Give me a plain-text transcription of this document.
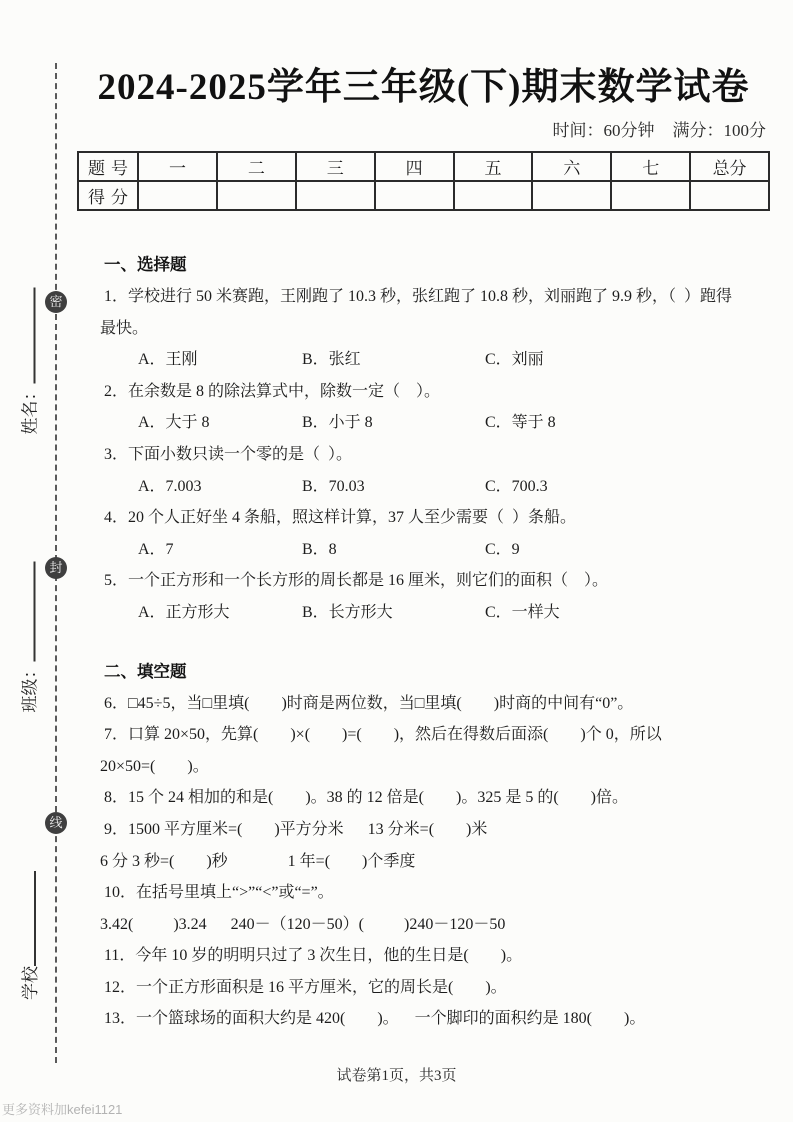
密
封
线
姓名：
班级：
学校
2024-2025学年三年级(下)期末数学试卷
时间：60分钟 满分：100分
题号	一	二	三	四	五	六	七	总分
得分								
一、选择题
1．学校进行 50 米赛跑，王刚跑了 10.3 秒，张红跑了 10.8 秒，刘丽跑了 9.9 秒，（  ）跑得
最快。
A．王刚	B．张红	C．刘丽
2．在余数是 8 的除法算式中，除数一定（    ）。
A．大于 8	B．小于 8	C．等于 8
3．下面小数只读一个零的是（  ）。
A．7.003	B．70.03	C．700.3
4．20 个人正好坐 4 条船，照这样计算，37 人至少需要（  ）条船。
A．7	B．8	C．9
5．一个正方形和一个长方形的周长都是 16 厘米，则它们的面积（    ）。
A．正方形大	B．长方形大	C．一样大
二、填空题
6．□45÷5，当□里填(        )时商是两位数，当□里填(        )时商的中间有“0”。
7．口算 20×50，先算(        )×(        )=(        )，然后在得数后面添(        )个 0，所以
20×50=(        )。
8．15 个 24 相加的和是(        )。38 的 12 倍是(        )。325 是 5 的(        )倍。
9．1500 平方厘米=(        )平方分米      13 分米=(        )米
6 分 3 秒=(        )秒               1 年=(        )个季度
10．在括号里填上“>”“<”或“=”。
3.42(          )3.24      240－（120－50）(          )240－120－50
11．今年 10 岁的明明只过了 3 次生日，他的生日是(        )。
12．一个正方形面积是 16 平方厘米，它的周长是(        )。
13．一个篮球场的面积大约是 420(        )。    一个脚印的面积约是 180(        )。
试卷第1页，共3页
更多资料加kefei1121
